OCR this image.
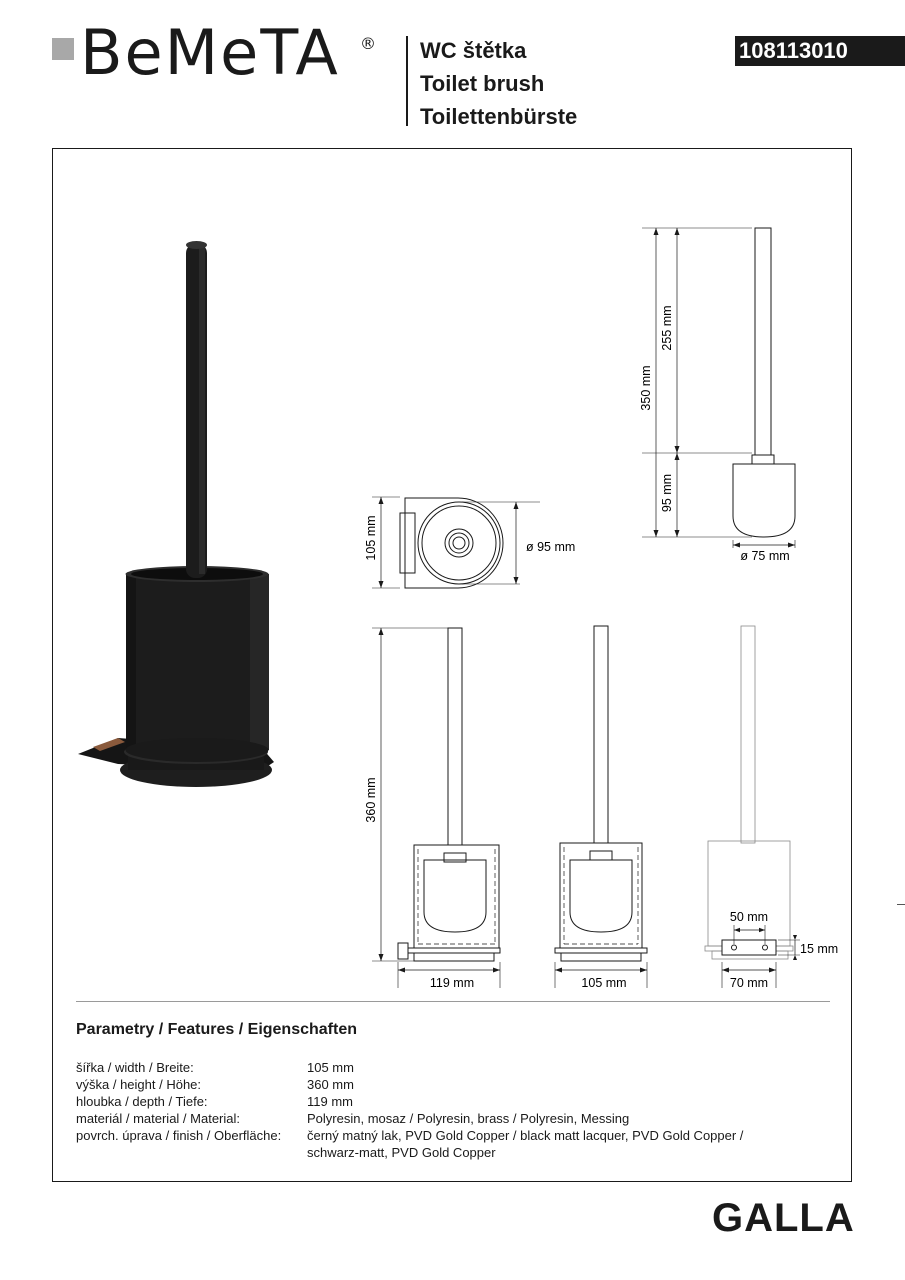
BeMeTA ® WC štětka
Toilet brush
Toilettenbürste
108113010
350 mm
255 mm
95 mm
ø 75 mm
105 mm	ø 95 mm
360 mm
119 mm	105 mm
50 mm
15 mm
70 mm
Parametry / Features / Eigenschaften
šířka / width / Breite:	105 mm
výška / height / Höhe:	360 mm
hloubka / depth / Tiefe:	119 mm
materiál / material / Material:	Polyresin, mosaz / Polyresin, brass / Polyresin, Messing
povrch. úprava / finish / Oberfläche: černý matný lak, PVD Gold Copper / black matt lacquer, PVD Gold Copper /
schwarz-matt, PVD Gold Copper
GALLA
